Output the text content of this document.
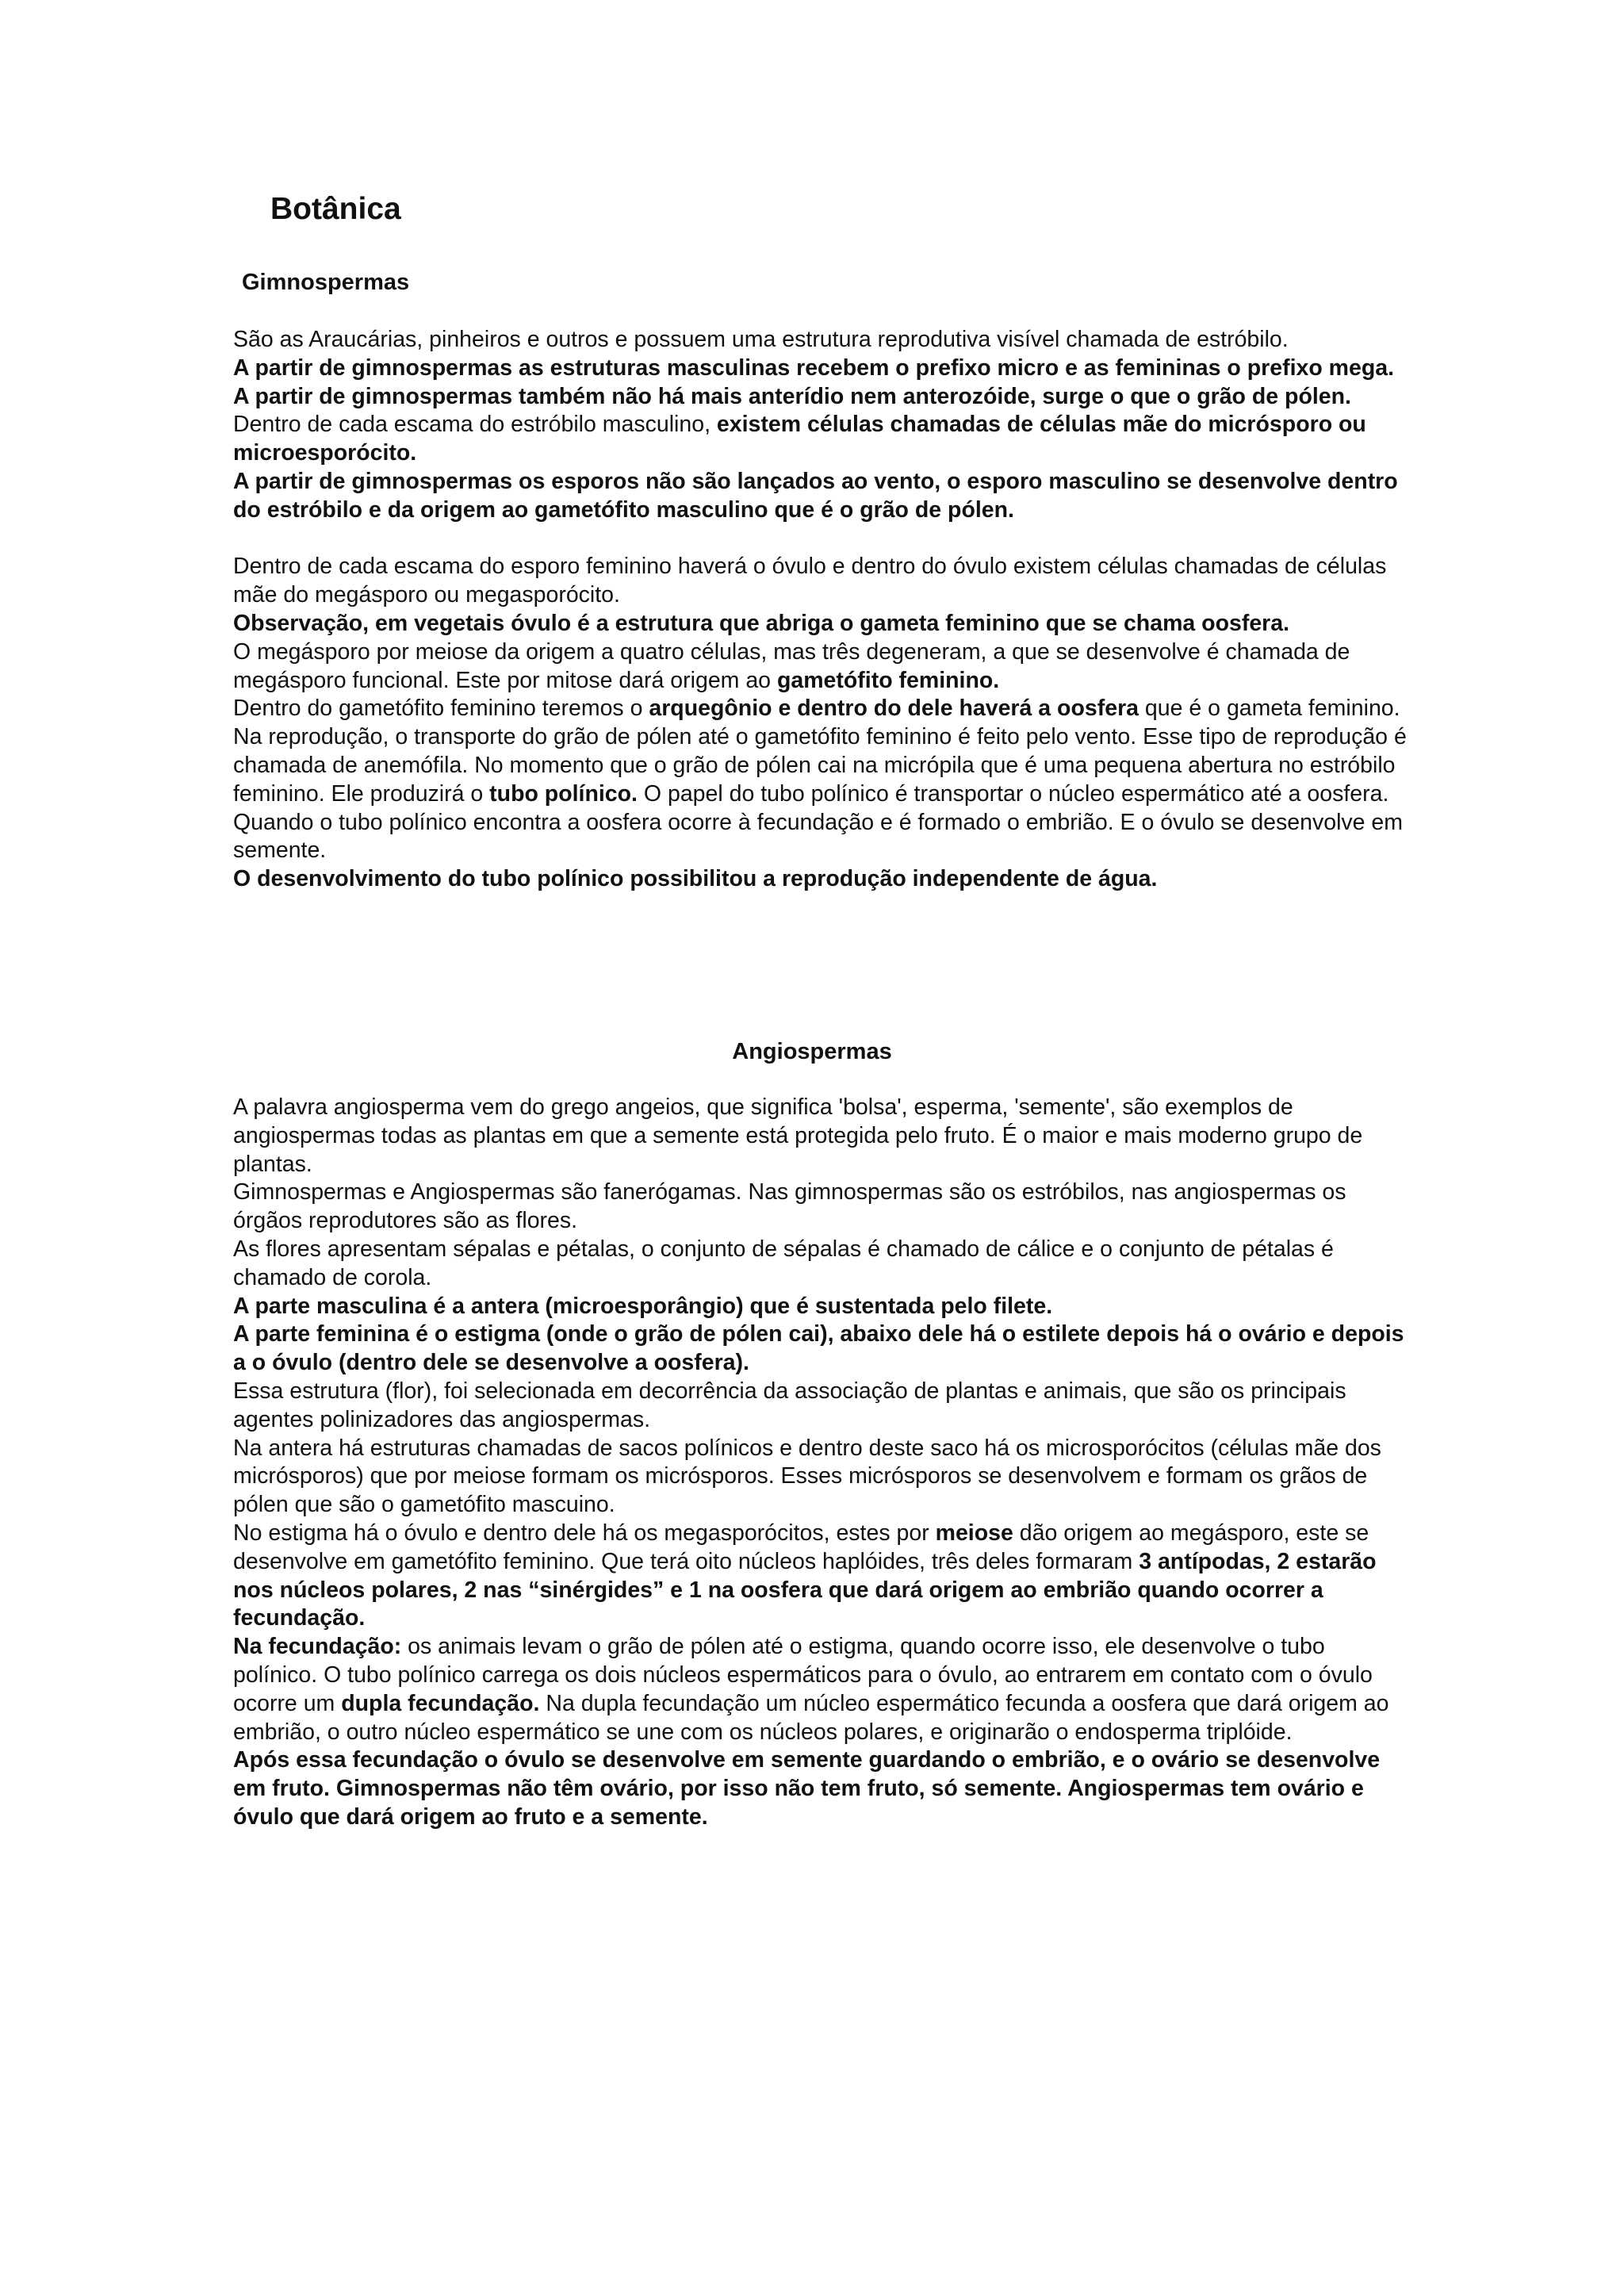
Botânica
Gimnospermas

São as Araucárias, pinheiros e outros e possuem uma estrutura reprodutiva visível chamada de estróbilo.

A partir de gimnospermas as estruturas masculinas recebem o prefixo micro e as femininas o prefixo mega.

A partir de gimnospermas também não há mais anterídio nem anterozóide, surge o que o grão de pólen.

Dentro de cada escama do estróbilo masculino, existem células chamadas de células mãe do micrósporo ou microesporócito.

A partir de gimnospermas os esporos não são lançados ao vento, o esporo masculino se desenvolve dentro do estróbilo e da origem ao gametófito masculino que é o grão de pólen.

Dentro de cada escama do esporo feminino haverá o óvulo e dentro do óvulo existem células chamadas de células mãe do megásporo ou megasporócito.

Observação, em vegetais óvulo é a estrutura que abriga o gameta feminino que se chama oosfera.

O megásporo por meiose da origem a quatro células, mas três degeneram, a que se desenvolve é chamada de megásporo funcional. Este por mitose dará origem ao gametófito feminino.

Dentro do gametófito feminino teremos o arquegônio e dentro do dele haverá a oosfera que é o gameta feminino.

Na reprodução, o transporte do grão de pólen até o gametófito feminino é feito pelo vento. Esse tipo de reprodução é chamada de anemófila. No momento que o grão de pólen cai na micrópila que é uma pequena abertura no estróbilo feminino. Ele produzirá o tubo polínico. O papel do tubo polínico é transportar o núcleo espermático até a oosfera. Quando o tubo polínico encontra a oosfera ocorre à fecundação e é formado o embrião. E o óvulo se desenvolve em semente.

O desenvolvimento do tubo polínico possibilitou a reprodução independente de água.

Angiospermas

A palavra angiosperma vem do grego angeios, que significa 'bolsa', esperma, 'semente', são exemplos de angiospermas todas as plantas em que a semente está protegida pelo fruto. É o maior e mais moderno grupo de plantas.

Gimnospermas e Angiospermas são fanerógamas. Nas gimnospermas são os estróbilos, nas angiospermas os órgãos reprodutores são as flores.

As flores apresentam sépalas e pétalas, o conjunto de sépalas é chamado de cálice e o conjunto de pétalas é chamado de corola.

A parte masculina é a antera (microesporângio) que é sustentada pelo filete.

A parte feminina é o estigma (onde o grão de pólen cai), abaixo dele há o estilete depois há o ovário e depois a o óvulo (dentro dele se desenvolve a oosfera).

Essa estrutura (flor), foi selecionada em decorrência da associação de plantas e animais, que são os principais agentes polinizadores das angiospermas.

Na antera há estruturas chamadas de sacos polínicos e dentro deste saco há os microsporócitos (células mãe dos micrósporos) que por meiose formam os micrósporos. Esses micrósporos se desenvolvem e formam os grãos de pólen que são o gametófito mascuino.

No estigma há o óvulo e dentro dele há os megasporócitos, estes por meiose dão origem ao megásporo, este se desenvolve em gametófito feminino. Que terá oito núcleos haplóides, três deles formaram 3 antípodas, 2 estarão nos núcleos polares, 2 nas “sinérgides” e 1 na oosfera que dará origem ao embrião quando ocorrer a fecundação.

Na fecundação: os animais levam o grão de pólen até o estigma, quando ocorre isso, ele desenvolve o tubo polínico. O tubo polínico carrega os dois núcleos espermáticos para o óvulo, ao entrarem em contato com o óvulo ocorre um dupla fecundação. Na dupla fecundação um núcleo espermático fecunda a oosfera que dará origem ao embrião, o outro núcleo espermático se une com os núcleos polares, e originarão o endosperma triplóide.

Após essa fecundação o óvulo se desenvolve em semente guardando o embrião, e o ovário se desenvolve em fruto. Gimnospermas não têm ovário, por isso não tem fruto, só semente. Angiospermas tem ovário e óvulo que dará origem ao fruto e a semente.
